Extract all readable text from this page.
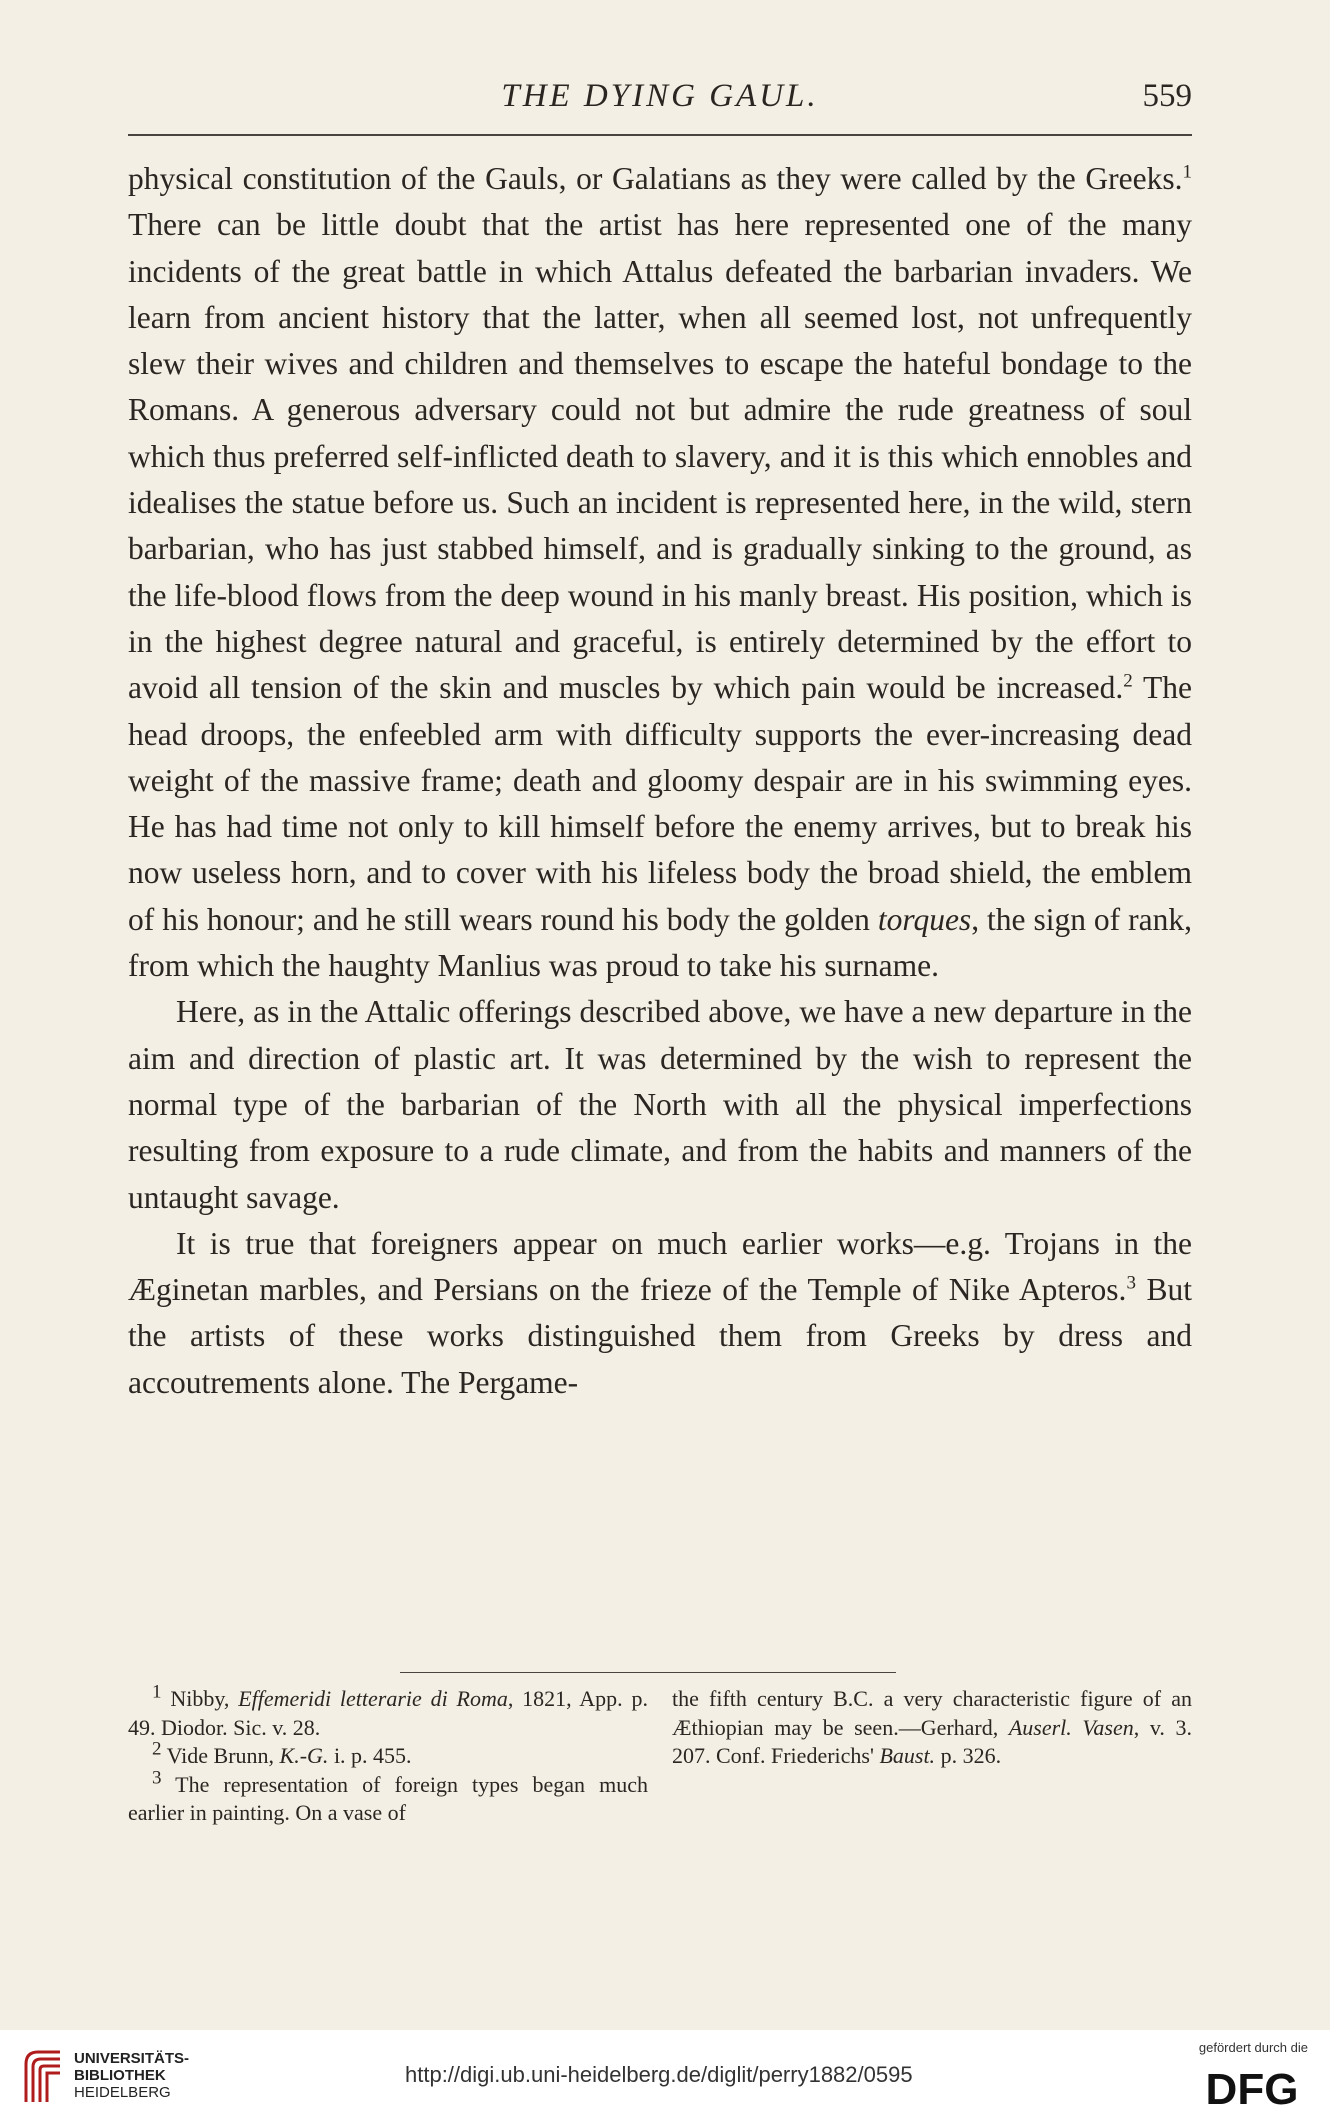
THE DYING GAUL.	559

physical constitution of the Gauls, or Galatians as they were called by the Greeks.$^1$ There can be little doubt that the artist has here represented one of the many incidents of the great battle in which Attalus defeated the barbarian invaders. We learn from ancient history that the latter, when all seemed lost, not unfrequently slew their wives and children and themselves to escape the hateful bondage to the Romans. A generous adversary could not but admire the rude greatness of soul which thus preferred self-inflicted death to slavery, and it is this which ennobles and idealises the statue before us. Such an incident is represented here, in the wild, stern barbarian, who has just stabbed himself, and is gradually sinking to the ground, as the life-blood flows from the deep wound in his manly breast. His position, which is in the highest degree natural and graceful, is entirely determined by the effort to avoid all tension of the skin and muscles by which pain would be increased.$^2$ The head droops, the enfeebled arm with difficulty supports the ever-increasing dead weight of the massive frame; death and gloomy despair are in his swimming eyes. He has had time not only to kill himself before the enemy arrives, but to break his now useless horn, and to cover with his lifeless body the broad shield, the emblem of his honour; and he still wears round his body the golden torques, the sign of rank, from which the haughty Manlius was proud to take his surname.

Here, as in the Attalic offerings described above, we have a new departure in the aim and direction of plastic art. It was determined by the wish to represent the normal type of the barbarian of the North with all the physical imperfections resulting from exposure to a rude climate, and from the habits and manners of the untaught savage.

It is true that foreigners appear on much earlier works—e.g. Trojans in the Æginetan marbles, and Persians on the frieze of the Temple of Nike Apteros.$^3$ But the artists of these works distinguished them from Greeks by dress and accoutrements alone. The Pergame-

$^1$ Nibby, Effemeridi letterarie di Roma, 1821, App. p. 49. Diodor. Sic. v. 28.

$^2$ Vide Brunn, K.-G. i. p. 455.

$^3$ The representation of foreign types began much earlier in painting. On a vase of

the fifth century B.C. a very characteristic figure of an Æthiopian may be seen.—Gerhard, Auserl. Vasen, v. 3. 207. Conf. Friederichs' Baust. p. 326.

UNIVERSITÄTS-
BIBLIOTHEK
HEIDELBERG
http://digi.ub.uni-heidelberg.de/diglit/perry1882/0595
gefördert durch die
DFG
